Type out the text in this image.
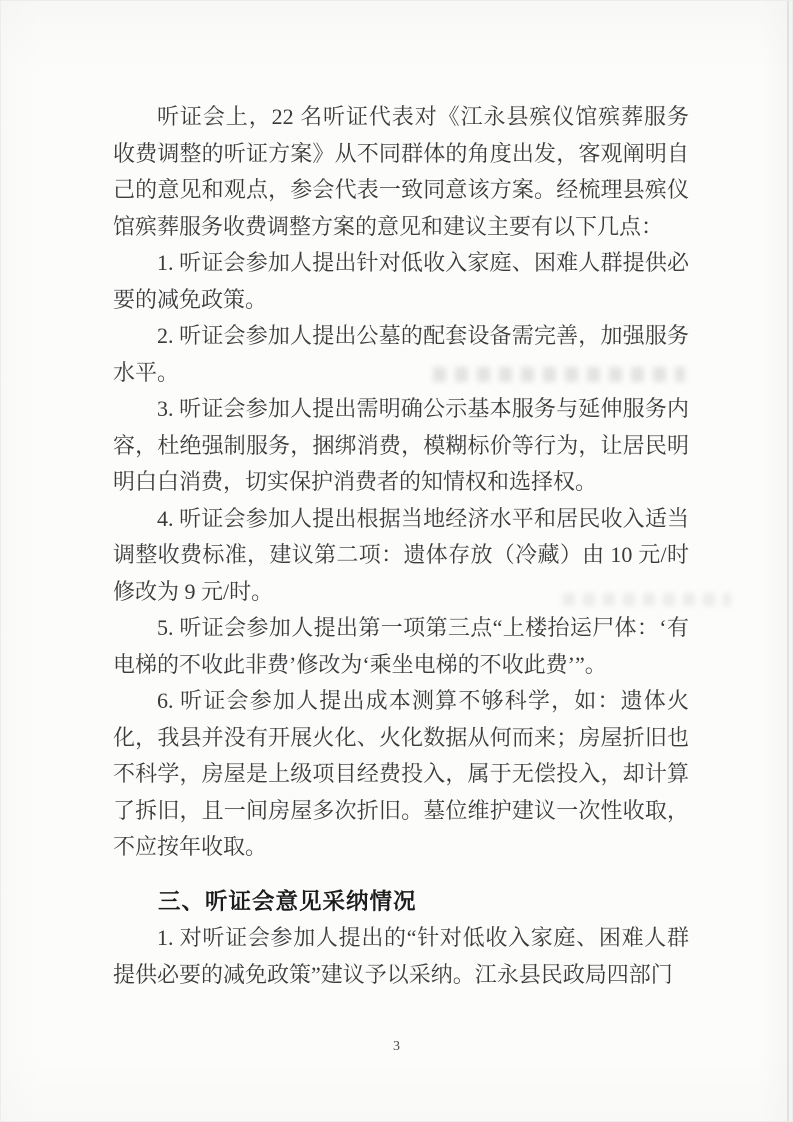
听证会上，22 名听证代表对《江永县殡仪馆殡葬服务收费调整的听证方案》从不同群体的角度出发，客观阐明自己的意见和观点，参会代表一致同意该方案。经梳理县殡仪馆殡葬服务收费调整方案的意见和建议主要有以下几点：

1. 听证会参加人提出针对低收入家庭、困难人群提供必要的减免政策。

2. 听证会参加人提出公墓的配套设备需完善，加强服务水平。

3. 听证会参加人提出需明确公示基本服务与延伸服务内容，杜绝强制服务，捆绑消费，模糊标价等行为，让居民明明白白消费，切实保护消费者的知情权和选择权。

4. 听证会参加人提出根据当地经济水平和居民收入适当调整收费标准，建议第二项：遗体存放（冷藏）由 10 元/时修改为 9 元/时。

5. 听证会参加人提出第一项第三点“上楼抬运尸体：‘有电梯的不收此非费’修改为‘乘坐电梯的不收此费’”。

6. 听证会参加人提出成本测算不够科学，如：遗体火化，我县并没有开展火化、火化数据从何而来；房屋折旧也不科学，房屋是上级项目经费投入，属于无偿投入，却计算了拆旧，且一间房屋多次折旧。墓位维护建议一次性收取，不应按年收取。

三、听证会意见采纳情况

1. 对听证会参加人提出的“针对低收入家庭、困难人群提供必要的减免政策”建议予以采纳。江永县民政局四部门

3
